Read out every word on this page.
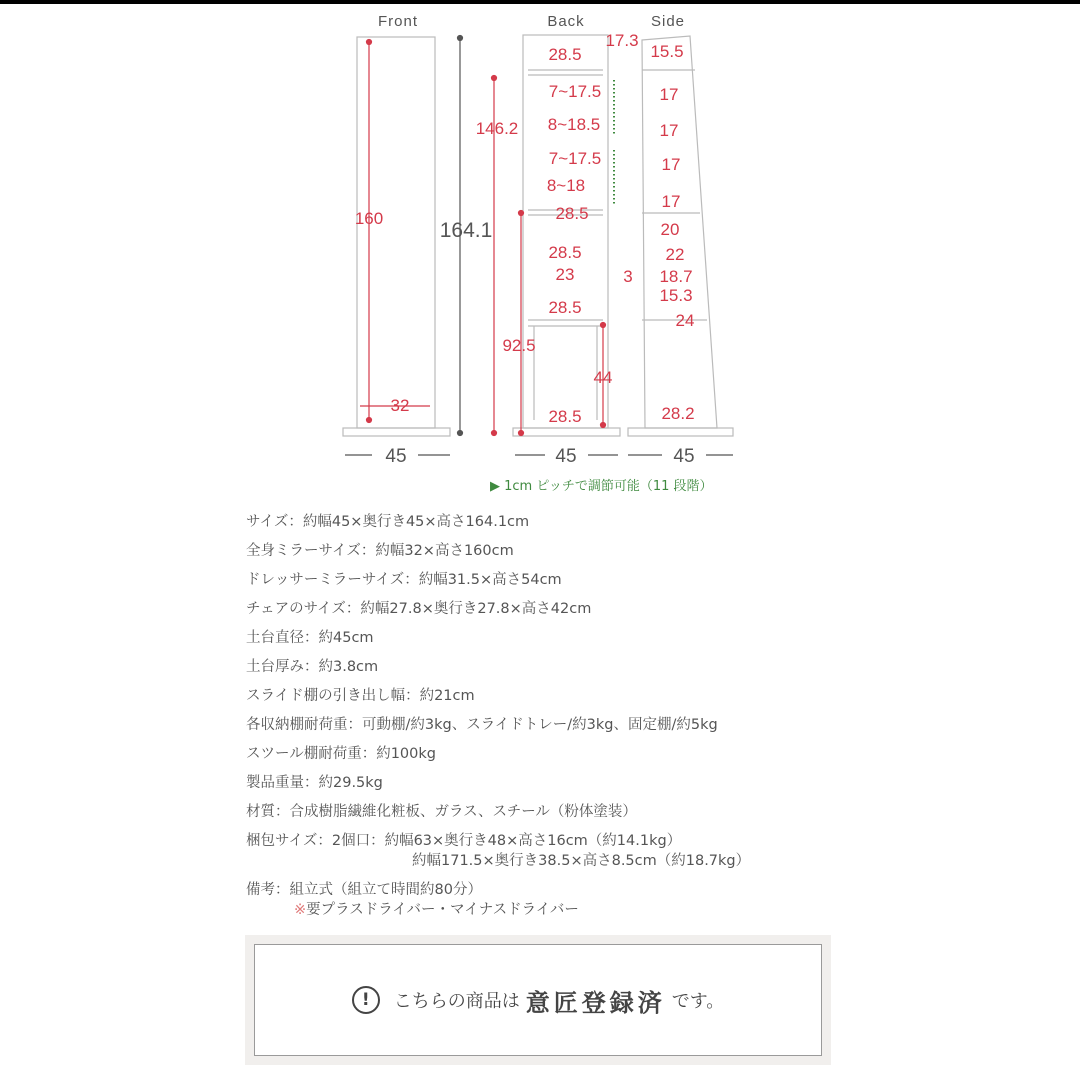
Front
160
32
45
164.1
Back
17.3
28.5
146.2
7~17.5
8~18.5
7~17.5
8~18
28.5
28.5
23
28.5
92.5
44
28.5
45
Side
15.5
17
17
17
17
20
22
3 18.7
15.3
24
28.2
45
▶ 1cm ピッチで調節可能（11 段階）
サイズ：約幅45×奥行き45×高さ164.1cm
全身ミラーサイズ：約幅32×高さ160cm
ドレッサーミラーサイズ：約幅31.5×高さ54cm
チェアのサイズ：約幅27.8×奥行き27.8×高さ42cm
土台直径：約45cm
土台厚み：約3.8cm
スライド棚の引き出し幅：約21cm
各収納棚耐荷重：可動棚/約3kg、スライドトレー/約3kg、固定棚/約5kg
スツール棚耐荷重：約100kg
製品重量：約29.5kg
材質：合成樹脂繊維化粧板、ガラス、スチール（粉体塗装）
梱包サイズ：2個口：約幅63×奥行き48×高さ16cm（約14.1kg）
約幅171.5×奥行き38.5×高さ8.5cm（約18.7kg）
備考：組立式（組立て時間約80分）
※要プラスドライバー・マイナスドライバー
!	こちらの商品は 意匠登録済 です。
